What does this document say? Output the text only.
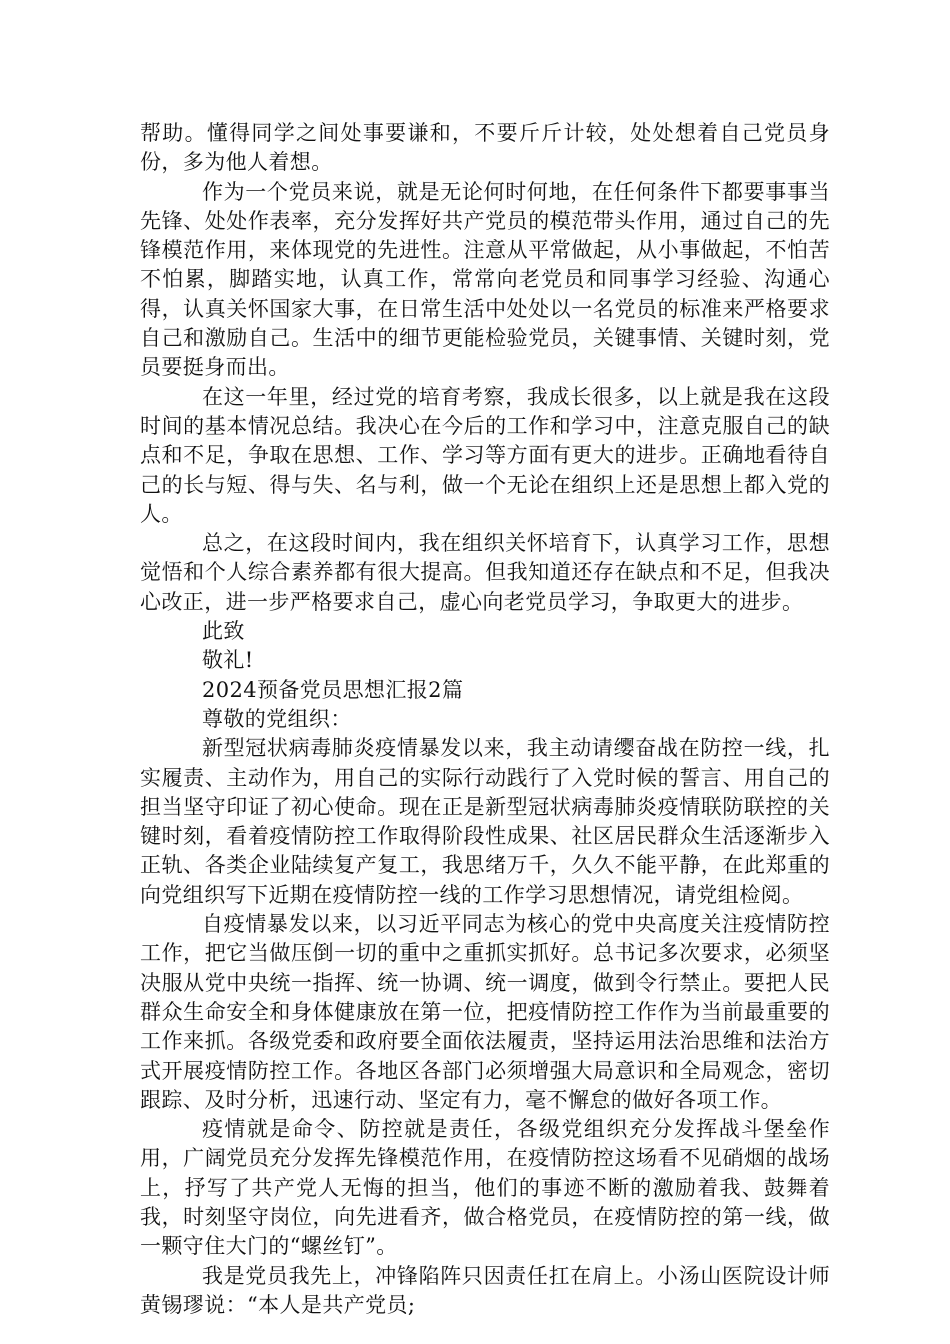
帮助。懂得同学之间处事要谦和，不要斤斤计较，处处想着自己党员身份，多为他人着想。

作为一个党员来说，就是无论何时何地，在任何条件下都要事事当先锋、处处作表率，充分发挥好共产党员的模范带头作用，通过自己的先锋模范作用，来体现党的先进性。注意从平常做起，从小事做起，不怕苦不怕累，脚踏实地，认真工作，常常向老党员和同事学习经验、沟通心得，认真关怀国家大事，在日常生活中处处以一名党员的标准来严格要求自己和激励自己。生活中的细节更能检验党员，关键事情、关键时刻，党员要挺身而出。

在这一年里，经过党的培育考察，我成长很多，以上就是我在这段时间的基本情况总结。我决心在今后的工作和学习中，注意克服自己的缺点和不足，争取在思想、工作、学习等方面有更大的进步。正确地看待自己的长与短、得与失、名与利，做一个无论在组织上还是思想上都入党的人。

总之，在这段时间内，我在组织关怀培育下，认真学习工作，思想觉悟和个人综合素养都有很大提高。但我知道还存在缺点和不足，但我决心改正，进一步严格要求自己，虚心向老党员学习，争取更大的进步。

此致

敬礼!

2024预备党员思想汇报2篇

尊敬的党组织：

新型冠状病毒肺炎疫情暴发以来，我主动请缨奋战在防控一线，扎实履责、主动作为，用自己的实际行动践行了入党时候的誓言、用自己的担当坚守印证了初心使命。现在正是新型冠状病毒肺炎疫情联防联控的关键时刻，看着疫情防控工作取得阶段性成果、社区居民群众生活逐渐步入正轨、各类企业陆续复产复工，我思绪万千，久久不能平静，在此郑重的向党组织写下近期在疫情防控一线的工作学习思想情况，请党组检阅。

自疫情暴发以来，以习近平同志为核心的党中央高度关注疫情防控工作，把它当做压倒一切的重中之重抓实抓好。总书记多次要求，必须坚决服从党中央统一指挥、统一协调、统一调度，做到令行禁止。要把人民群众生命安全和身体健康放在第一位，把疫情防控工作作为当前最重要的工作来抓。各级党委和政府要全面依法履责，坚持运用法治思维和法治方式开展疫情防控工作。各地区各部门必须增强大局意识和全局观念，密切跟踪、及时分析，迅速行动、坚定有力，毫不懈怠的做好各项工作。

疫情就是命令、防控就是责任，各级党组织充分发挥战斗堡垒作用，广阔党员充分发挥先锋模范作用，在疫情防控这场看不见硝烟的战场上，抒写了共产党人无悔的担当，他们的事迹不断的激励着我、鼓舞着我，时刻坚守岗位，向先进看齐，做合格党员，在疫情防控的第一线，做一颗守住大门的“螺丝钉”。

我是党员我先上，冲锋陷阵只因责任扛在肩上。小汤山医院设计师黄锡璆说：“本人是共产党员;
